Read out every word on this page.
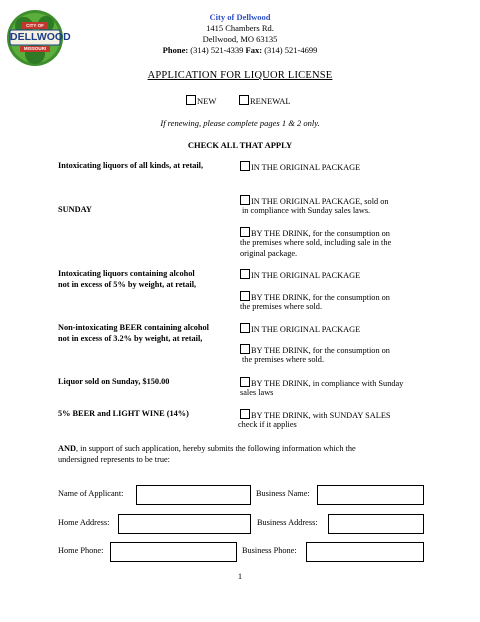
CITY OF
DELLWOOD
MISSOURI
City of Dellwood
1415 Chambers Rd.
Dellwood, MO 63135
Phone: (314) 521-4339 Fax: (314) 521-4699
APPLICATION FOR LIQUOR LICENSE
NEW	RENEWAL
If renewing, please complete pages 1 & 2 only.
CHECK ALL THAT APPLY
Intoxicating liquors of all kinds, at retail,	IN THE ORIGINAL PACKAGE
IN THE ORIGINAL PACKAGE, sold on
SUNDAY	in compliance with Sunday sales laws.
BY THE DRINK, for the consumption on
the premises where sold, including sale in the
original package.
Intoxicating liquors containing alcohol
not in excess of 5% by weight, at retail,
IN THE ORIGINAL PACKAGE
BY THE DRINK, for the consumption on
the premises where sold.
Non-intoxicating BEER containing alcohol
not in excess of 3.2% by weight, at retail,
IN THE ORIGINAL PACKAGE
BY THE DRINK, for the consumption on
the premises where sold.
Liquor sold on Sunday, $150.00	BY THE DRINK, in compliance with Sunday
sales laws
5% BEER and LIGHT WINE (14%)	BY THE DRINK, with SUNDAY SALES
check if it applies
AND, in support of such application, hereby submits the following information which the
undersigned represents to be true:
Name of Applicant:	Business Name:
Home Address:	Business Address:
Home Phone:	Business Phone:
1
